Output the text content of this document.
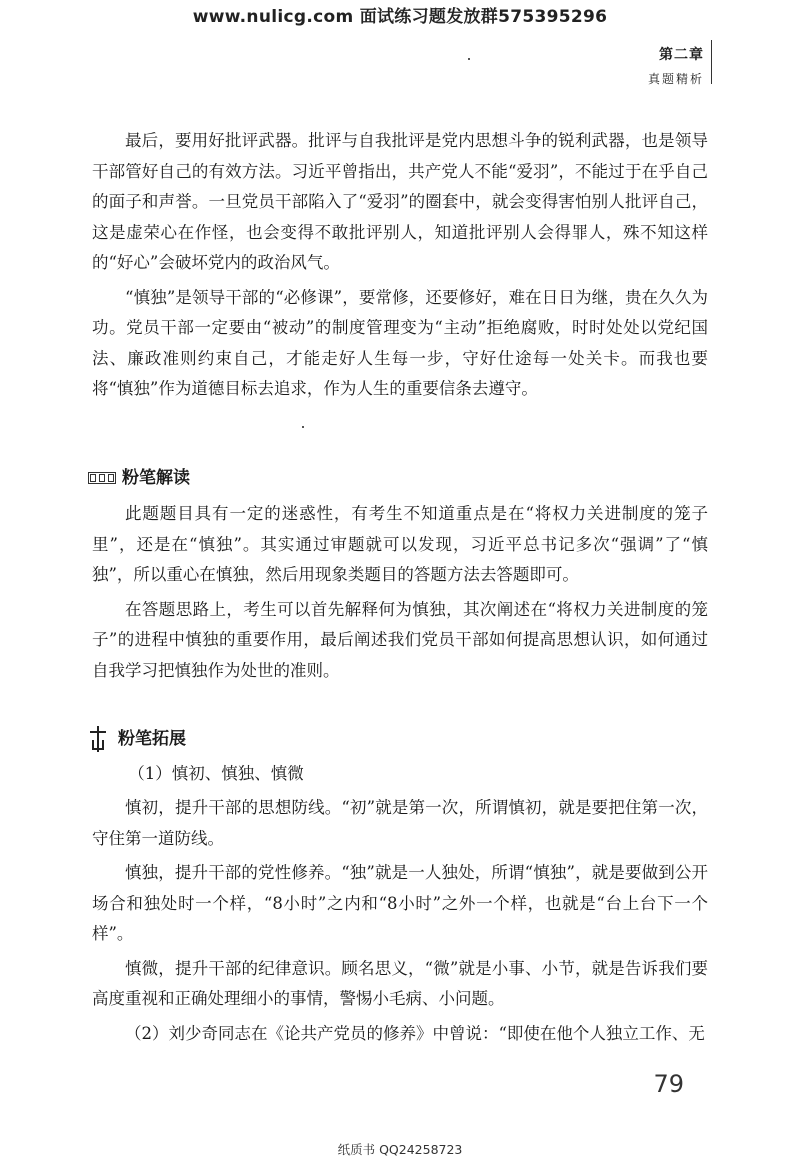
www.nulicg.com 面试练习题发放群575395296
第二章
真题精析

最后，要用好批评武器。批评与自我批评是党内思想斗争的锐利武器，也是领导干部管好自己的有效方法。习近平曾指出，共产党人不能“爱羽”，不能过于在乎自己的面子和声誉。一旦党员干部陷入了“爱羽”的圈套中，就会变得害怕别人批评自己，这是虚荣心在作怪，也会变得不敢批评别人，知道批评别人会得罪人，殊不知这样的“好心”会破坏党内的政治风气。

“慎独”是领导干部的“必修课”，要常修，还要修好，难在日日为继，贵在久久为功。党员干部一定要由“被动”的制度管理变为“主动”拒绝腐败，时时处处以党纪国法、廉政准则约束自己，才能走好人生每一步，守好仕途每一处关卡。而我也要将“慎独”作为道德目标去追求，作为人生的重要信条去遵守。

粉笔解读

此题题目具有一定的迷惑性，有考生不知道重点是在“将权力关进制度的笼子里”，还是在“慎独”。其实通过审题就可以发现，习近平总书记多次“强调”了“慎独”，所以重心在慎独，然后用现象类题目的答题方法去答题即可。

在答题思路上，考生可以首先解释何为慎独，其次阐述在“将权力关进制度的笼子”的进程中慎独的重要作用，最后阐述我们党员干部如何提高思想认识，如何通过自我学习把慎独作为处世的准则。

粉笔拓展

（1）慎初、慎独、慎微

慎初，提升干部的思想防线。“初”就是第一次，所谓慎初，就是要把住第一次，守住第一道防线。

慎独，提升干部的党性修养。“独”就是一人独处，所谓“慎独”，就是要做到公开场合和独处时一个样，“8小时”之内和“8小时”之外一个样，也就是“台上台下一个样”。

慎微，提升干部的纪律意识。顾名思义，“微”就是小事、小节，就是告诉我们要高度重视和正确处理细小的事情，警惕小毛病、小问题。

（2）刘少奇同志在《论共产党员的修养》中曾说：“即使在他个人独立工作、无

79
纸质书 QQ24258723
